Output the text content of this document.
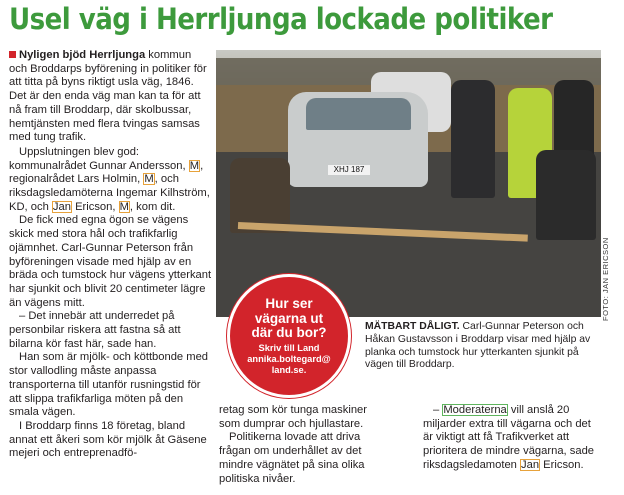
Usel väg i Herrljunga lockade politiker

Nyligen bjöd Herrljunga kommun och Broddarps byförening in politiker för att titta på byns riktigt usla väg, 1846. Det är den enda väg man kan ta för att nå fram till Broddarp, där skolbussar, hemtjänsten med flera tvingas samsas med tung trafik.

Uppslutningen blev god: kommunalrådet Gunnar Andersson, M, regionalrådet Lars Holmin, M, och riksdagsledamöterna Ingemar Kilhström, KD, och Jan Ericson, M, kom dit.

De fick med egna ögon se vägens skick med stora hål och trafikfarlig ojämnhet. Carl-Gunnar Peterson från byföreningen visade med hjälp av en bräda och tumstock hur vägens ytterkant har sjunkit och blivit 20 centimeter lägre än vägens mitt.

– Det innebär att underredet på personbilar riskera att fastna så att bilarna kör fast här, sade han.

Han som är mjölk- och köttbonde med stor vallodling måste anpassa transporterna till utanför rusningstid för att slippa trafikfarliga möten på den smala vägen.

I Broddarp finns 18 företag, bland annat ett åkeri som kör mjölk åt Gäsene mejeri och entreprenadfö-

XHJ 187
FOTO: JAN ERICSON
Hur ser
vägarna ut
där du bor?
Skriv till Land
annika.boltegard@
land.se.
MÄTBART DÅLIGT. Carl-Gunnar Peterson och Håkan Gustavsson i Broddarp visar med hjälp av planka och tumstock hur ytterkanten sjunkit på vägen till Broddarp.

retag som kör tunga maskiner som dumprar och hjullastare.

Politikerna lovade att driva frågan om underhållet av det mindre vägnätet på sina olika politiska nivåer.

– Moderaterna vill anslå 20 miljarder extra till vägarna och det är viktigt att få Trafikverket att prioritera de mindre vägarna, sade riksdagsledamoten Jan Ericson.
